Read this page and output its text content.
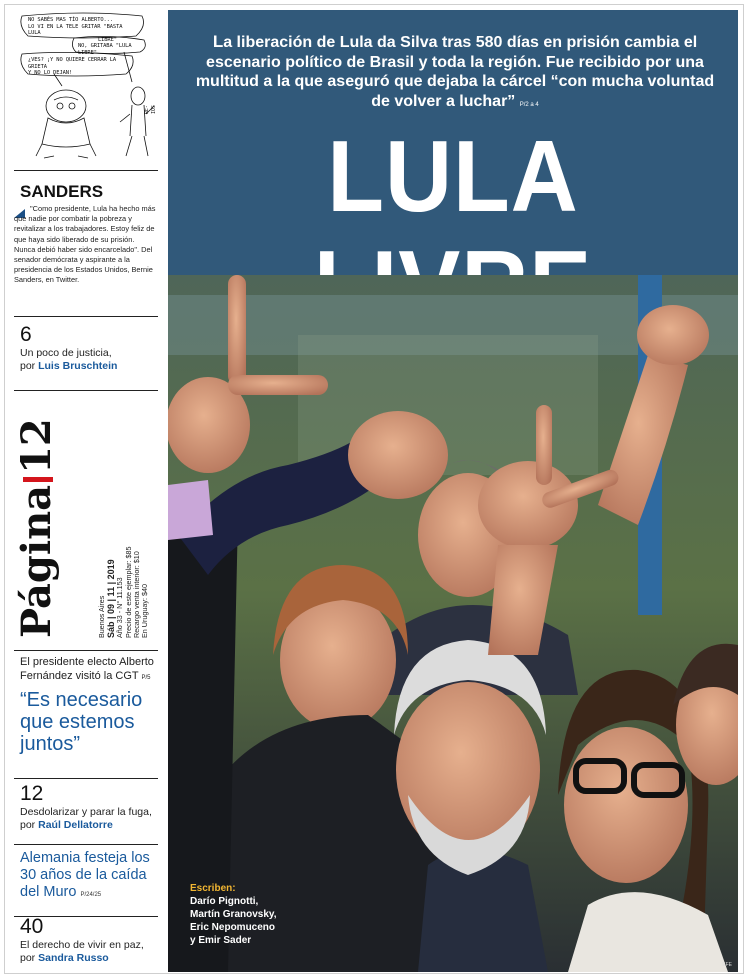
NO SABÉS MAS TÍO ALBERTO...
LO VI EN LA TELE GRITAR "BASTA LULA
LIBRE"
NO, GRITABA "LULA LIBRE"
¿VES? ¡Y NO QUIERE CERRAR LA GRIETA
Y NO LO DEJAN!
RE-IOS
SANDERS
"Como presidente, Lula ha hecho más que nadie por combatir la pobreza y revitalizar a los trabajadores. Estoy feliz de que haya sido liberado de su prisión. Nunca debió haber sido encarcelado". Del senador demócrata y aspirante a la presidencia de los Estados Unidos, Bernie Sanders, en Twitter.
6
Un poco de justicia,
por Luis Bruschtein
Página12
Buenos Aires Sáb | 09 | 11 | 2019 Año 33 - N° 11.153 Precio de este ejemplar: $85 Recargo venta interior: $10 En Uruguay: $40
El presidente electo Alberto Fernández visitó la CGT P/5
“Es necesario que estemos juntos”
12
Desdolarizar y parar la fuga, por Raúl Dellatorre
Alemania festeja los 30 años de la caída del Muro P/24/25
40
El derecho de vivir en paz,
por Sandra Russo
La liberación de Lula da Silva tras 580 días en prisión cambia el escenario político de Brasil y toda la región. Fue recibido por una multitud a la que aseguró que dejaba la cárcel “con mucha voluntad de volver a luchar” P/2 a 4
LULA
Escriben:
Darío Pignotti,
Martín Granovsky,
Eric Nepomuceno
y Emir Sader
EFE
